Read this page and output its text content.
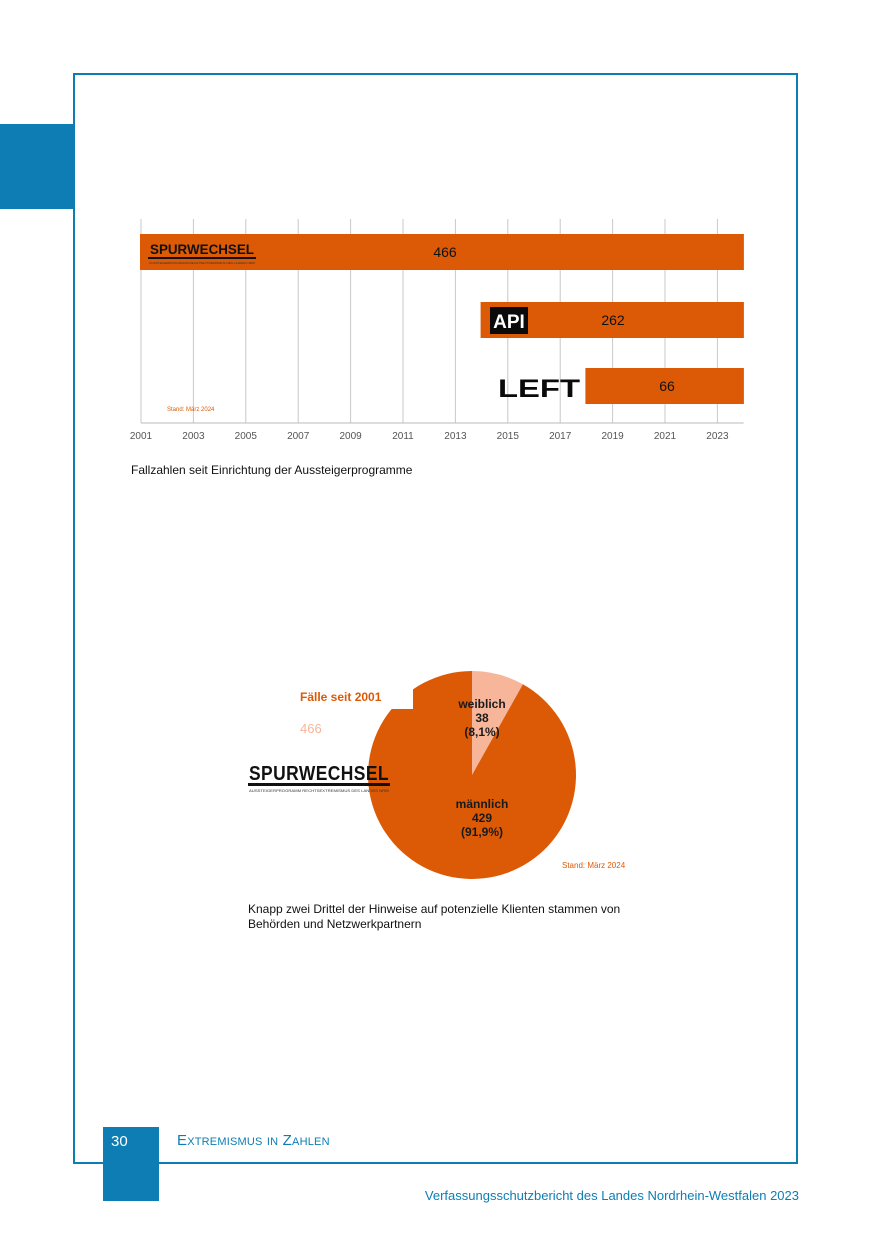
SPURWECHSEL
AUSSTEIGERPROGRAMM RECHTSEXTREMISMUS DES LANDES NRW
API
LEFT
466
262
66
2001	2003	2005	2007	2009	2011	2013	2015	2017	2019	2021	2023
Stand: März 2024
Fallzahlen seit Einrichtung der Aussteigerprogramme
Fälle seit 2001
466
SPURWECHSEL
AUSSTEIGERPROGRAMM RECHTSEXTREMISMUS DES LANDES NRW
weiblich
38
(8,1%)
männlich
429
(91,9%)
Stand: März 2024
Knapp zwei Drittel der Hinweise auf potenzielle Klienten stammen von Behörden und Netzwerkpartnern
30	Extremismus in Zahlen
Verfassungsschutzbericht des Landes Nordrhein-Westfalen 2023
